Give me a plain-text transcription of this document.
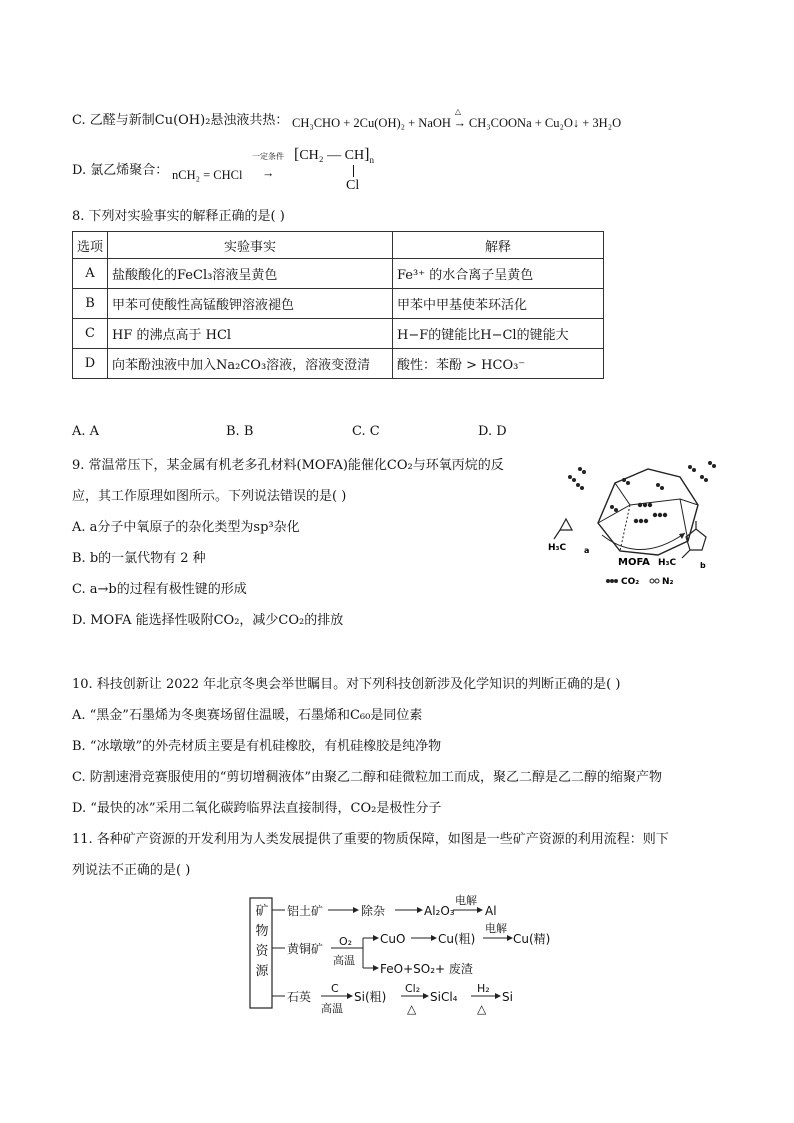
C. 乙醛与新制Cu(OH)₂悬浊液共热： CH₃CHO + 2Cu(OH)₂ + NaOH →
△
CH₃COONa + Cu₂O↓ + 3H₂O
D. 氯乙烯聚合： nCH₂ = CHCl
一定条件
→
[CH₂ — $CH]_n$
Cl
8. 下列对实验事实的解释正确的是( )
选项	实验事实	解释
A	盐酸酸化的FeCl₃溶液呈黄色	Fe³⁺ 的水合离子呈黄色
B	甲苯可使酸性高锰酸钾溶液褪色	甲苯中甲基使苯环活化
C	HF 的沸点高于 HCl	H−F的键能比H−Cl的键能大
D	向苯酚浊液中加入Na₂CO₃溶液，溶液变澄清	酸性：苯酚 > HCO₃⁻
A. A	B. B	C. C	D. D
9. 常温常压下，某金属有机老多孔材料(MOFA)能催化CO₂与环氧丙烷的反
应，其工作原理如图所示。下列说法错误的是( )
A. a分子中氧原子的杂化类型为sp³杂化
B. b的一氯代物有 2 种
C. a→b的过程有极性键的形成
D. MOFA 能选择性吸附CO₂，减少CO₂的排放
H₃C a
MOFA H₃C	b
CO₂	N₂
10. 科技创新让 2022 年北京冬奥会举世瞩目。对下列科技创新涉及化学知识的判断正确的是( )
A. “黑金”石墨烯为冬奥赛场留住温暖，石墨烯和C₆₀是同位素
B. “冰墩墩”的外壳材质主要是有机硅橡胶，有机硅橡胶是纯净物
C. 防割速滑竞赛服使用的“剪切增稠液体”由聚乙二醇和硅微粒加工而成，聚乙二醇是乙二醇的缩聚产物
D. “最快的冰”采用二氧化碳跨临界法直接制得，CO₂是极性分子
11. 各种矿产资源的开发利用为人类发展提供了重要的物质保障，如图是一些矿产资源的利用流程：则下
列说法不正确的是( )
铝土矿	除杂	Al₂O₃
电解
Al
黄铜矿
O₂
高温
CuO	Cu(粗)
电解
Cu(精)
FeO+SO₂+ 废渣
石英
C
高温
Si(粗)
Cl₂
△
SiCl₄
H₂
△
Si
矿物资源
